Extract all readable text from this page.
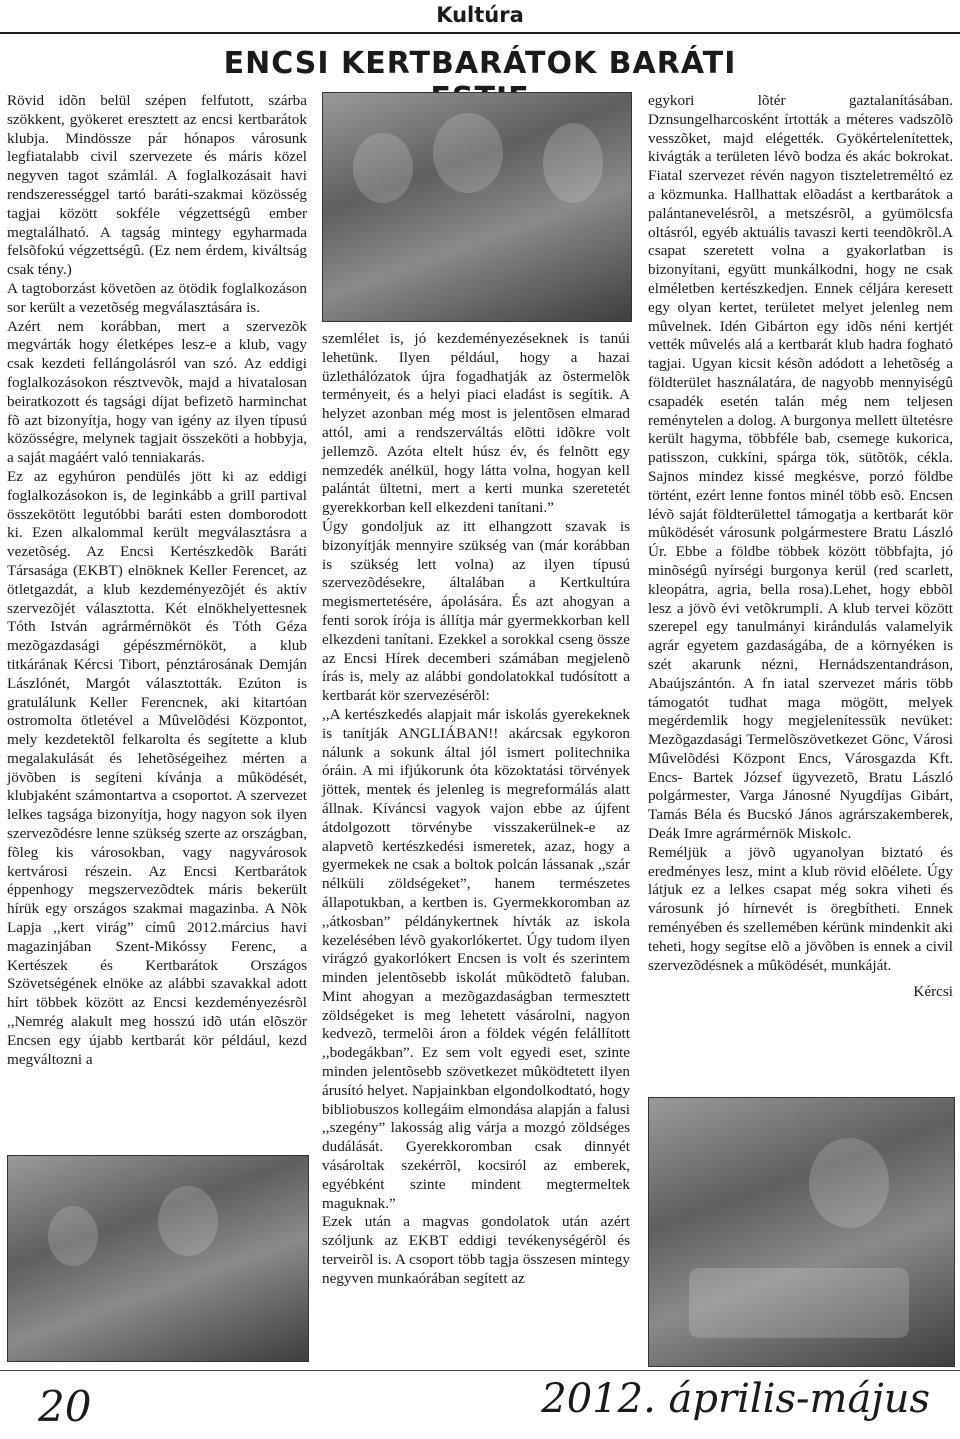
Kultúra
ENCSI KERTBARÁTOK BARÁTI

Rövid idõn belül szépen felfutott, szárba szökkent, gyökeret eresztett az encsi kertbarátok klubja. Mindössze pár hónapos városunk legfiatalabb civil szervezete és máris közel negyven tagot számlál. A foglalkozásait havi rendszerességgel tartó baráti-szakmai közösség tagjai között sokféle végzettségû ember megtalálható. A tagság mintegy egyharmada felsõfokú végzettségû. (Ez nem érdem, kiváltság csak tény.)

A tagtoborzást követõen az ötödik foglalkozáson sor került a vezetõség megválasztására is.

Azért nem korábban, mert a szervezõk megvárták hogy életképes lesz-e a klub, vagy csak kezdeti fellángolásról van szó. Az eddigi foglalkozásokon résztvevõk, majd a hivatalosan beiratkozott és tagsági díjat befizetõ harminchat fõ azt bizonyítja, hogy van igény az ilyen típusú közösségre, melynek tagjait összeköti a hobbyja, a saját magáért való tenniakarás.

Ez az egyhúron pendülés jött ki az eddigi foglalkozásokon is, de leginkább a grill partival összekötött legutóbbi baráti esten domborodott ki. Ezen alkalommal került megválasztásra a vezetõség. Az Encsi Kertészkedõk Baráti Társasága (EKBT) elnöknek Keller Ferencet, az ötletgazdát, a klub kezdeményezõjét és aktív szervezõjét választotta. Két elnökhelyettesnek Tóth István agrármérnököt és Tóth Géza mezõgazdasági gépészmérnököt, a klub titkárának Kércsi Tibort, pénztárosának Demján Lászlónét, Margót választották. Ezúton is gratulálunk Keller Ferencnek, aki kitartóan ostromolta ötletével a Mûvelõdési Központot, mely kezdetektõl felkarolta és segítette a klub megalakulását és lehetõségeihez mérten a jövõben is segíteni kívánja a mûködését, klubjaként számontartva a csoportot. A szervezet lelkes tagsága bizonyítja, hogy nagyon sok ilyen szervezõdésre lenne szükség szerte az országban, fõleg kis városokban, vagy nagyvárosok kertvárosi részein. Az Encsi Kertbarátok éppenhogy megszervezõdtek máris bekerült hírük egy országos szakmai magazinba. A Nõk Lapja ,,kert virág” címû 2012.március havi magazinjában Szent-Mikóssy Ferenc, a Kertészek és Kertbarátok Országos Szövetségének elnöke az alábbi szavakkal adott hírt többek között az Encsi kezdeményezésrõl ,,Nemrég alakult meg hosszú idõ után elõször Encsen egy újabb kertbarát kör például, kezd megváltozni a

szemlélet is, jó kezdeményezéseknek is tanúi lehetünk. Ilyen például, hogy a hazai üzlethálózatok újra fogadhatják az õstermelõk terményeit, és a helyi piaci eladást is segítik. A helyzet azonban még most is jelentõsen elmarad attól, ami a rendszerváltás elõtti idõkre volt jellemzõ. Azóta eltelt húsz év, és felnõtt egy nemzedék anélkül, hogy látta volna, hogyan kell palántát ültetni, mert a kerti munka szeretetét gyerekkorban kell elkezdeni tanítani.”

Úgy gondoljuk az itt elhangzott szavak is bizonyítják mennyire szükség van (már korábban is szükség lett volna) az ilyen típusú szervezõdésekre, általában a Kertkultúra megismertetésére, ápolására. És azt ahogyan a fenti sorok írója is állítja már gyermekkorban kell elkezdeni tanítani. Ezekkel a sorokkal cseng össze az Encsi Hírek decemberi számában megjelenõ írás is, mely az alábbi gondolatokkal tudósított a kertbarát kör szervezésérõl:

,,A kertészkedés alapjait már iskolás gyerekeknek is tanítják ANGLIÁBAN!! akárcsak egykoron nálunk a sokunk által jól ismert politechnika óráin. A mi ifjúkorunk óta közoktatási törvények jöttek, mentek és jelenleg is megreformálás alatt állnak. Kíváncsi vagyok vajon ebbe az újfent átdolgozott törvénybe visszakerülnek-e az alapvetõ kertészkedési ismeretek, azaz, hogy a gyermekek ne csak a boltok polcán lássanak ,,szár nélküli zöldségeket”, hanem természetes állapotukban, a kertben is. Gyermekkoromban az ,,átkosban” példánykertnek hívták az iskola kezelésében lévõ gyakorlókertet. Úgy tudom ilyen virágzó gyakorlókert Encsen is volt és szerintem minden jelentõsebb iskolát mûködtetõ faluban. Mint ahogyan a mezõgazdaságban termesztett zöldségeket is meg lehetett vásárolni, nagyon kedvezõ, termelõi áron a földek végén felállított ,,bodegákban”. Ez sem volt egyedi eset, szinte minden jelentõsebb szövetkezet mûködtetett ilyen árusító helyet. Napjainkban elgondolkodtató, hogy bibliobuszos kollegáim elmondása alapján a falusi ,,szegény” lakosság alig várja a mozgó zöldséges dudálását. Gyerekkoromban csak dinnyét vásároltak szekérrõl, kocsiról az emberek, egyébként szinte mindent megtermeltek maguknak.”

Ezek után a magvas gondolatok után azért szóljunk az EKBT eddigi tevékenységérõl és terveirõl is. A csoport több tagja összesen mintegy negyven munkaórában segített az

egykori lõtér gaztalanításában. Dznsungelharcosként írtották a méteres vadszõlõ vesszõket, majd elégették. Gyökértelenítettek, kivágták a területen lévõ bodza és akác bokrokat. Fiatal szervezet révén nagyon tiszteletreméltó ez a közmunka. Hallhattak elõadást a kertbarátok a palántanevelésrõl, a metszésrõl, a gyümölcsfa oltásról, egyéb aktuális tavaszi kerti teendõkrõl.A csapat szeretett volna a gyakorlatban is bizonyítani, együtt munkálkodni, hogy ne csak elméletben kertészkedjen. Ennek céljára keresett egy olyan kertet, területet melyet jelenleg nem mûvelnek. Idén Gibárton egy idõs néni kertjét vették mûvelés alá a kertbarát klub hadra fogható tagjai. Ugyan kicsit késõn adódott a lehetõség a földterület használatára, de nagyobb mennyiségû csapadék esetén talán még nem teljesen reménytelen a dolog. A burgonya mellett ültetésre került hagyma, többféle bab, csemege kukorica, patisszon, cukkíni, spárga tök, sütõtök, cékla. Sajnos mindez kissé megkésve, porzó földbe történt, ezért lenne fontos minél több esõ. Encsen lévõ saját földterülettel támogatja a kertbarát kör mûködését városunk polgármestere Bratu László Úr. Ebbe a földbe többek között többfajta, jó minõségû nyírségi burgonya kerül (red scarlett, kleopátra, agria, bella rosa).Lehet, hogy ebbõl lesz a jövõ évi vetõkrumpli. A klub tervei között szerepel egy tanulmányi kirándulás valamelyik agrár egyetem gazdaságába, de a környéken is szét akarunk nézni, Hernádszentandráson, Abaújszántón. A fn iatal szervezet máris több támogatót tudhat maga mögött, melyek megérdemlik hogy megjelenítessük nevüket: Mezõgazdasági Termelõszövetkezet Gönc, Városi Mûvelõdési Központ Encs, Városgazda Kft. Encs- Bartek József ügyvezetõ, Bratu László polgármester, Varga Jánosné Nyugdíjas Gibárt, Tamás Béla és Bucskó János agrárszakemberek, Deák Imre agrármérnök Miskolc.

Reméljük a jövõ ugyanolyan biztató és eredményes lesz, mint a klub rövid elõélete. Úgy látjuk ez a lelkes csapat még sokra viheti és városunk jó hírnevét is öregbítheti. Ennek reményében és szellemében kérünk mindenkit aki teheti, hogy segítse elõ a jövõben is ennek a civil szervezõdésnek a mûködését, munkáját.

Kércsi

20	2012. április-május
